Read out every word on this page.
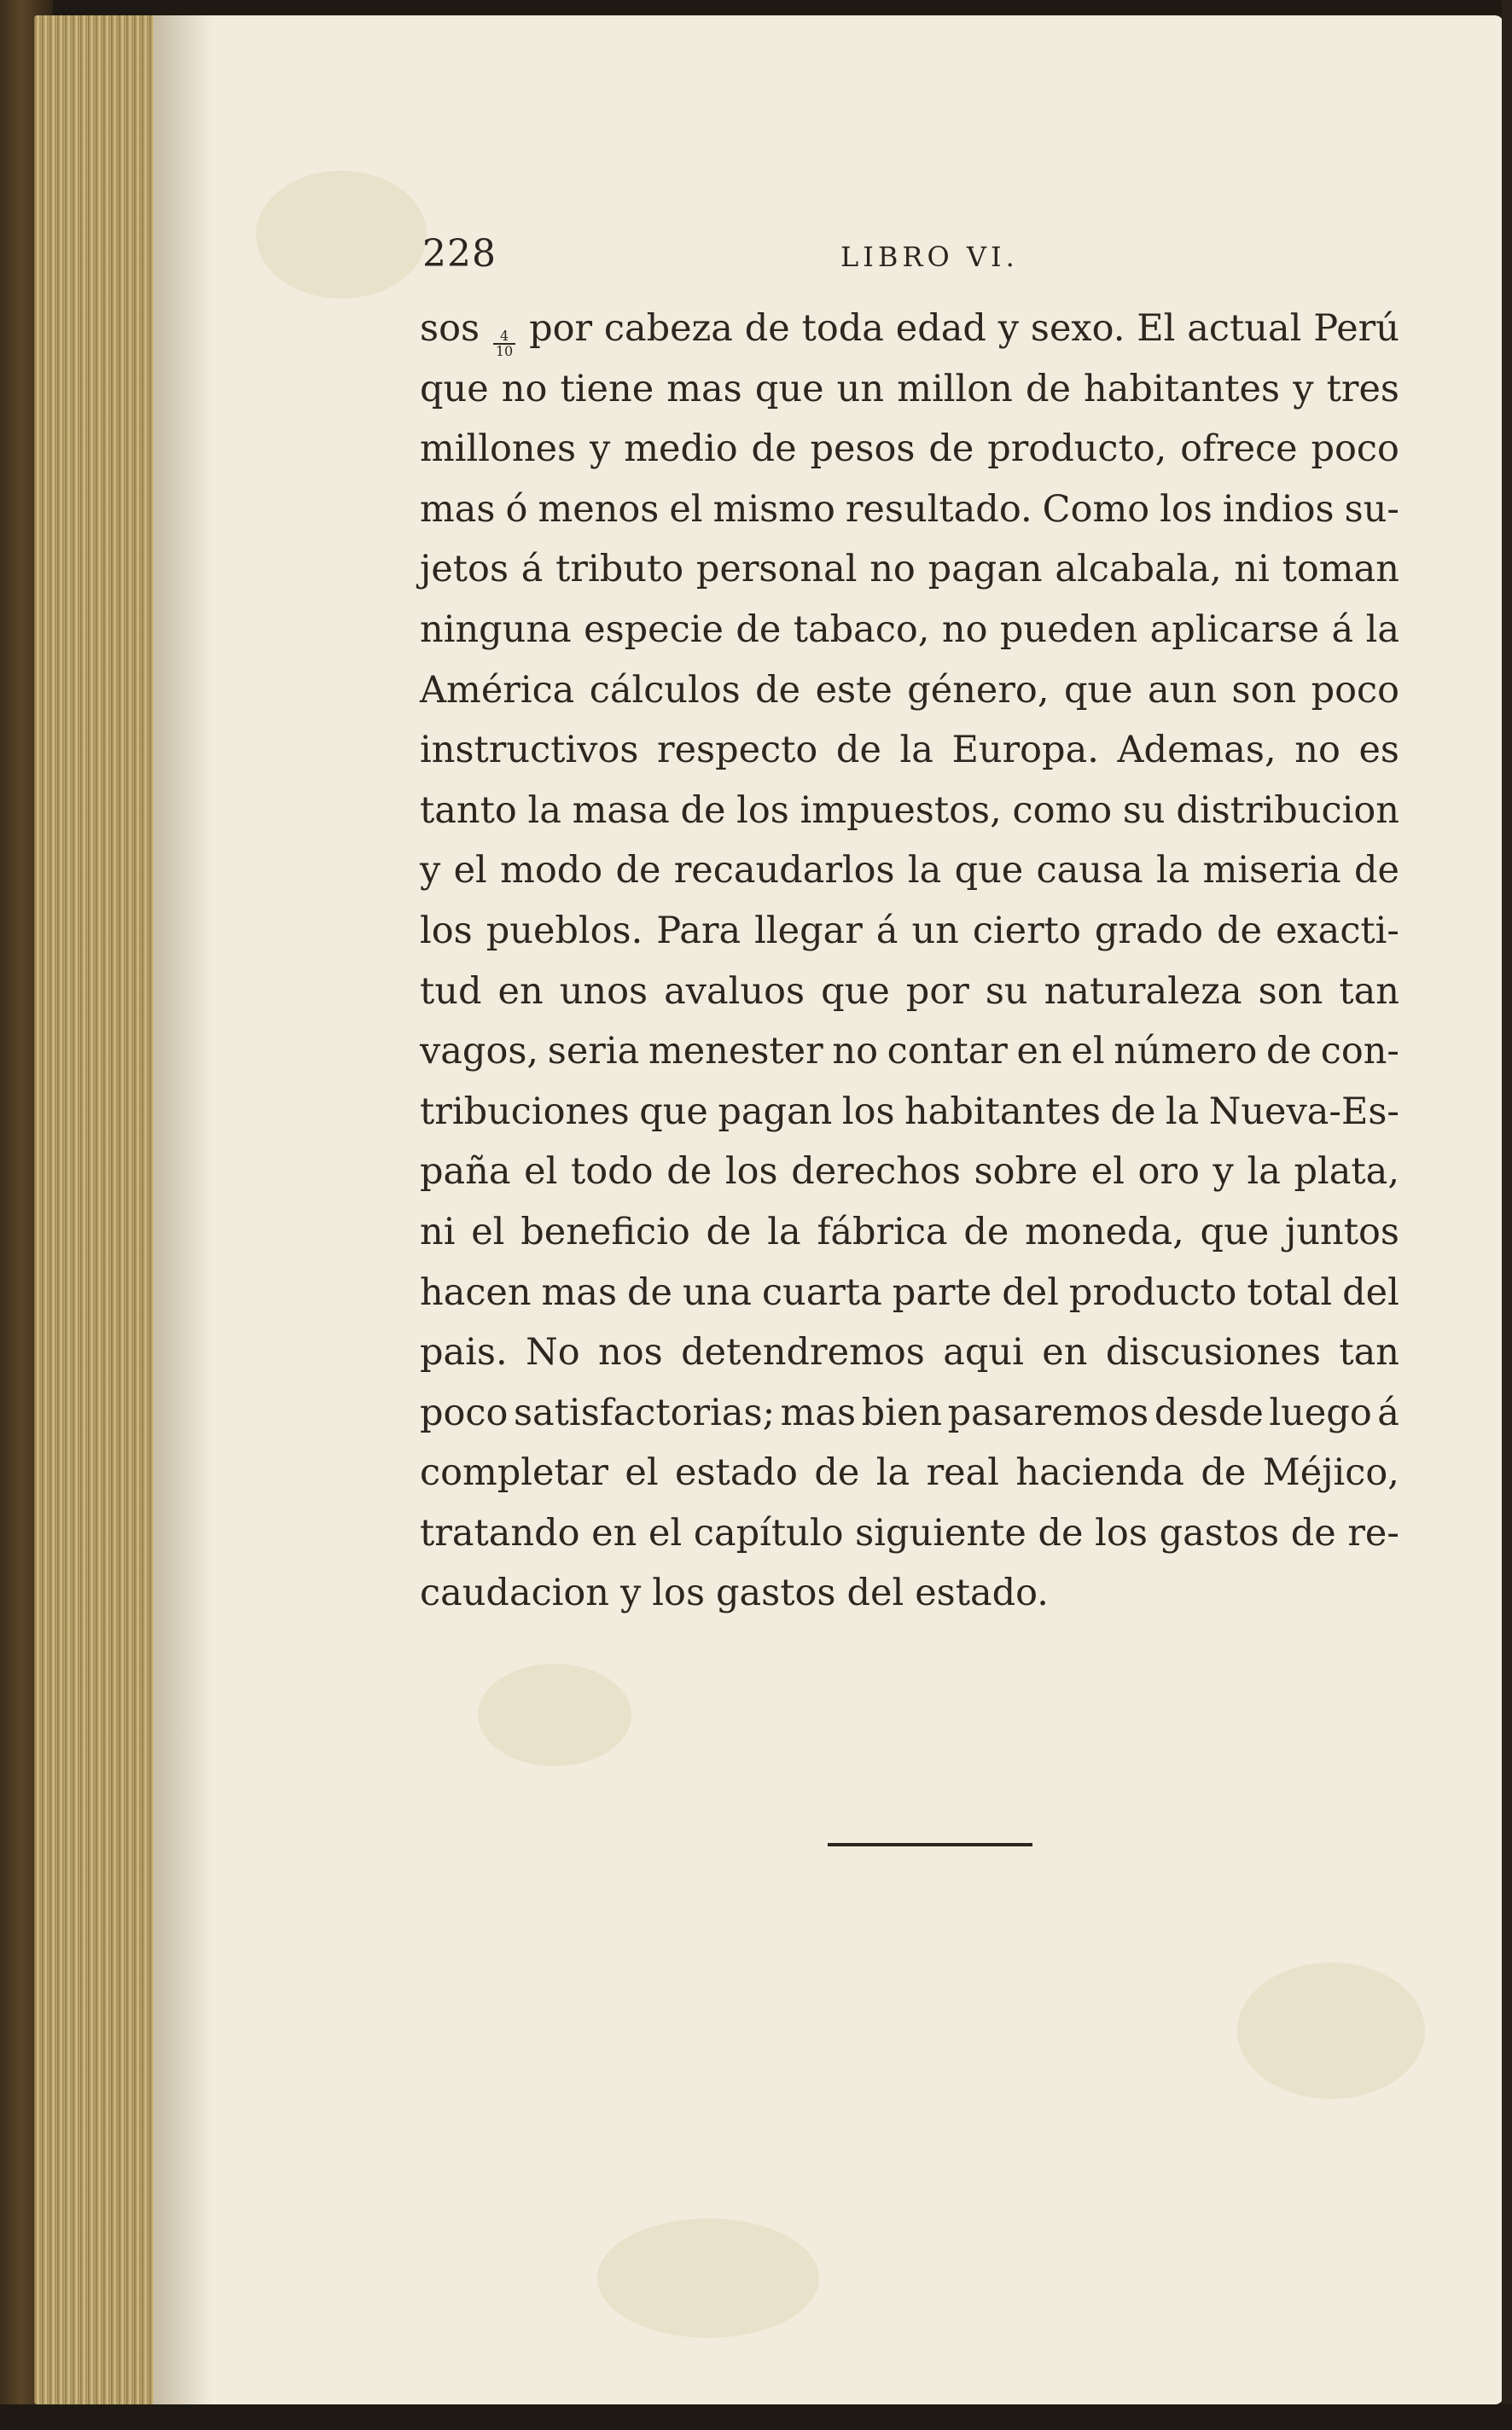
228	LIBRO VI.
sos $\frac{4}{10}$ por cabeza de toda edad y sexo. El actual Perú
que no tiene mas que un millon de habitantes y tres
millones y medio de pesos de producto, ofrece poco
mas ó menos el mismo resultado. Como los indios su-
jetos á tributo personal no pagan alcabala, ni toman
ninguna especie de tabaco, no pueden aplicarse á la
América cálculos de este género, que aun son poco
instructivos respecto de la Europa. Ademas, no es
tanto la masa de los impuestos, como su distribucion
y el modo de recaudarlos la que causa la miseria de
los pueblos. Para llegar á un cierto grado de exacti-
tud en unos avaluos que por su naturaleza son tan
vagos, seria menester no contar en el número de con-
tribuciones que pagan los habitantes de la Nueva-Es-
paña el todo de los derechos sobre el oro y la plata,
ni el beneficio de la fábrica de moneda, que juntos
hacen mas de una cuarta parte del producto total del
pais. No nos detendremos aqui en discusiones tan
poco satisfactorias; mas bien pasaremos desde luego á
completar el estado de la real hacienda de Méjico,
tratando en el capítulo siguiente de los gastos de re-
caudacion y los gastos del estado.
